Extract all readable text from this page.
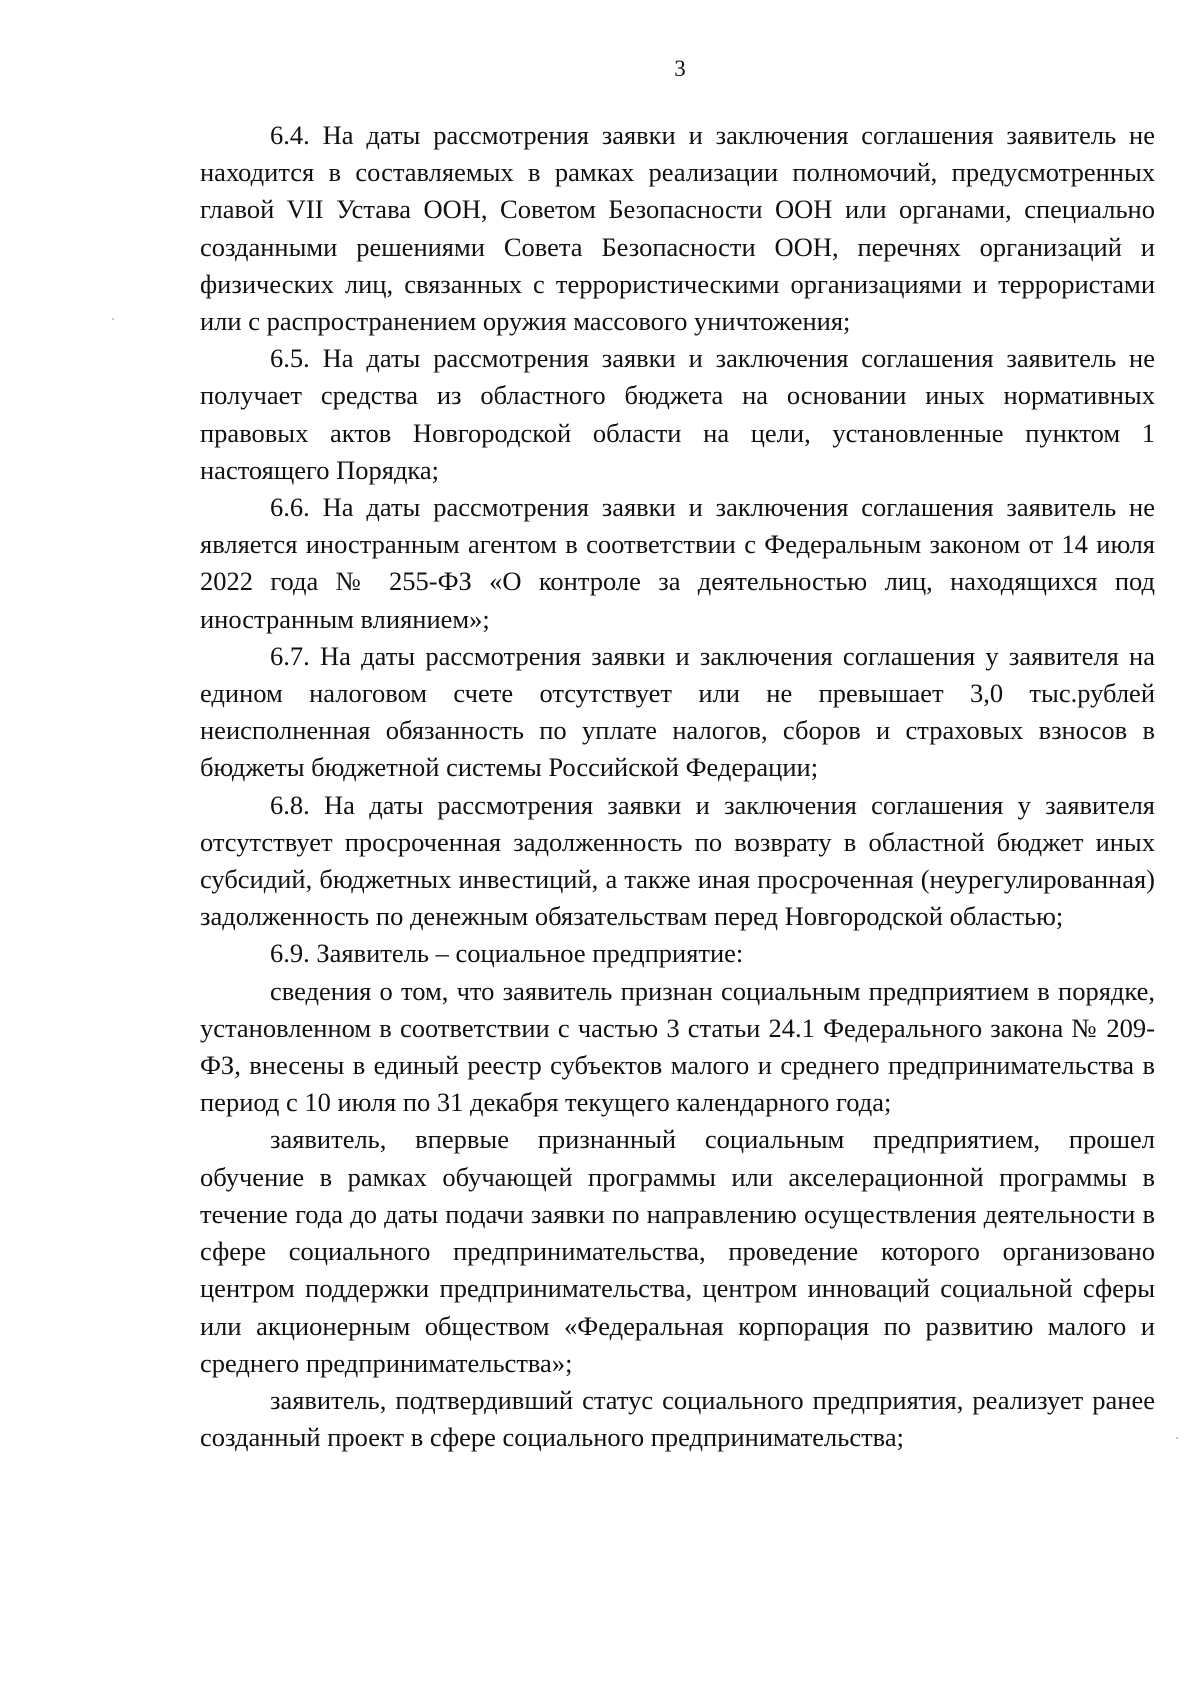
3

6.4. На даты рассмотрения заявки и заключения соглашения заявитель не находится в составляемых в рамках реализации полномочий, предусмотренных главой VII Устава ООН, Советом Безопасности ООН или органами, специально созданными решениями Совета Безопасности ООН, перечнях организаций и физических лиц, связанных с террористическими организациями и террористами или с распространением оружия массового уничтожения;

6.5. На даты рассмотрения заявки и заключения соглашения заявитель не получает средства из областного бюджета на основании иных нормативных правовых актов Новгородской области на цели, установленные пунктом 1 настоящего Порядка;

6.6. На даты рассмотрения заявки и заключения соглашения заявитель не является иностранным агентом в соответствии с Федеральным законом от 14 июля 2022 года № 255-ФЗ «О контроле за деятельностью лиц, находящихся под иностранным влиянием»;

6.7. На даты рассмотрения заявки и заключения соглашения у заявителя на едином налоговом счете отсутствует или не превышает 3,0 тыс.рублей неисполненная обязанность по уплате налогов, сборов и страховых взносов в бюджеты бюджетной системы Российской Федерации;

6.8. На даты рассмотрения заявки и заключения соглашения у заявителя отсутствует просроченная задолженность по возврату в областной бюджет иных субсидий, бюджетных инвестиций, а также иная просроченная (неурегулированная) задолженность по денежным обязательствам перед Новгородской областью;

6.9. Заявитель – социальное предприятие:

сведения о том, что заявитель признан социальным предприятием в порядке, установленном в соответствии с частью 3 статьи 24.1 Федерального закона № 209-ФЗ, внесены в единый реестр субъектов малого и среднего предпринимательства в период с 10 июля по 31 декабря текущего календарного года;

заявитель, впервые признанный социальным предприятием, прошел обучение в рамках обучающей программы или акселерационной программы в течение года до даты подачи заявки по направлению осуществления деятельности в сфере социального предпринимательства, проведение которого организовано центром поддержки предпринимательства, центром инноваций социальной сферы или акционерным обществом «Федеральная корпорация по развитию малого и среднего предпринимательства»;

заявитель, подтвердивший статус социального предприятия, реализует ранее созданный проект в сфере социального предпринимательства;
